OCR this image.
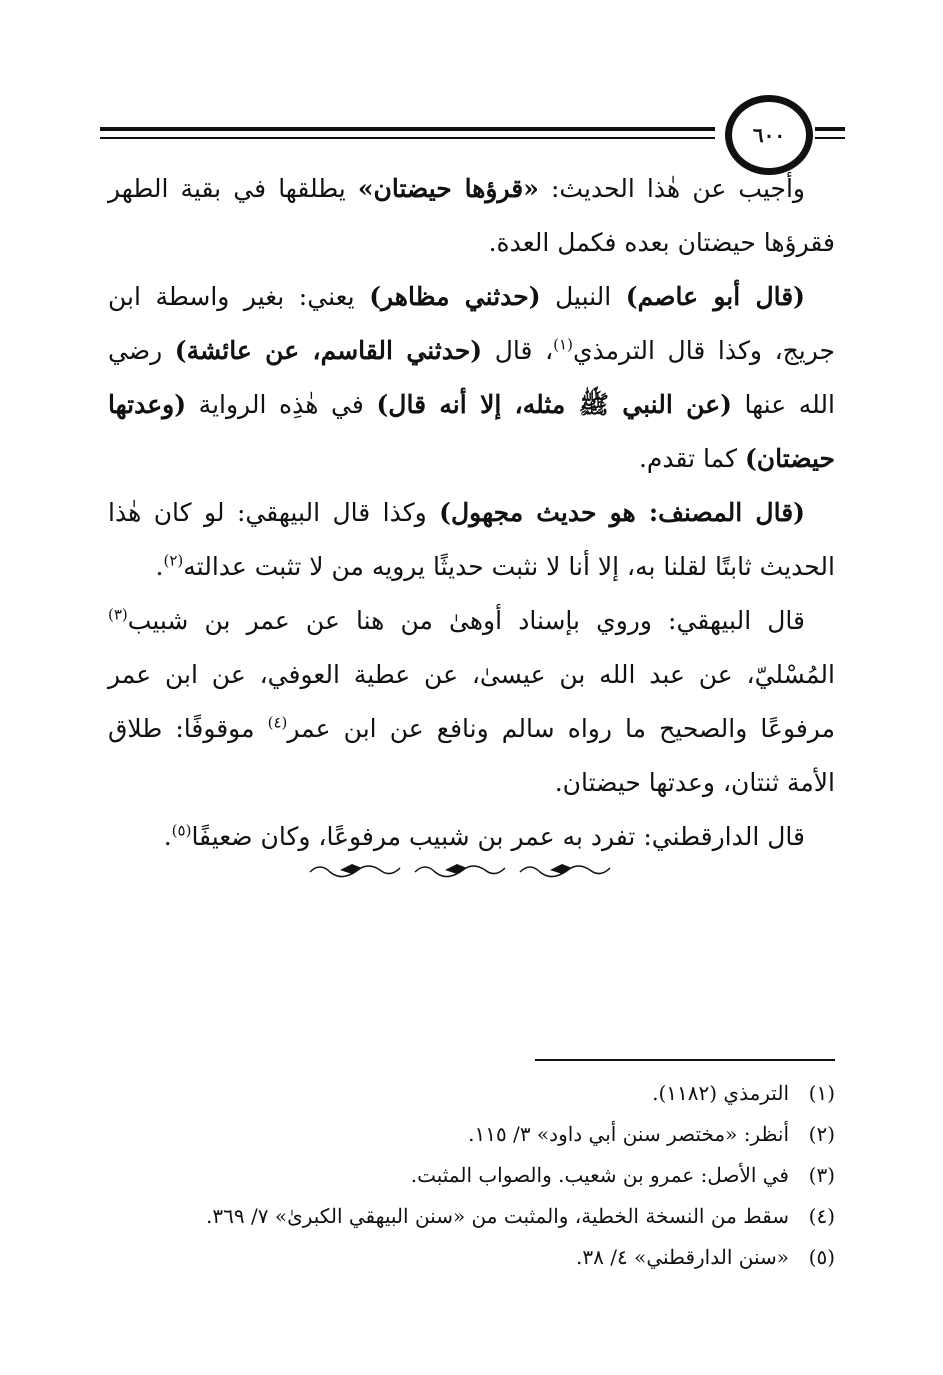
٦٠٠

وأجيب عن هٰذا الحديث: «قرؤها حيضتان» يطلقها في بقية الطهر فقرؤها حيضتان بعده فكمل العدة.

(قال أبو عاصم) النبيل (حدثني مظاهر) يعني: بغير واسطة ابن جريج، وكذا قال الترمذي$^{(١)}$، قال (حدثني القاسم، عن عائشة) رضي الله عنها (عن النبي ﷺ مثله، إلا أنه قال) في هٰذِه الرواية (وعدتها حيضتان) كما تقدم.

(قال المصنف: هو حديث مجهول) وكذا قال البيهقي: لو كان هٰذا الحديث ثابتًا لقلنا به، إلا أنا لا نثبت حديثًا يرويه من لا تثبت عدالته$^{(٢)}$.

قال البيهقي: وروي بإسناد أوهىٰ من هنا عن عمر بن شبيب$^{(٣)}$ المُسْليّ، عن عبد الله بن عيسىٰ، عن عطية العوفي، عن ابن عمر مرفوعًا والصحيح ما رواه سالم ونافع عن ابن عمر$^{(٤)}$ موقوفًا: طلاق الأمة ثنتان، وعدتها حيضتان.

قال الدارقطني: تفرد به عمر بن شبيب مرفوعًا، وكان ضعيفًا$^{(٥)}$.

(١)
الترمذي (١١٨٢).
(٢)
أنظر: «مختصر سنن أبي داود» ٣/ ١١٥.
(٣)
في الأصل: عمرو بن شعيب. والصواب المثبت.
(٤)
سقط من النسخة الخطية، والمثبت من «سنن البيهقي الكبرىٰ» ٧/ ٣٦٩.
(٥)
«سنن الدارقطني» ٤/ ٣٨.
